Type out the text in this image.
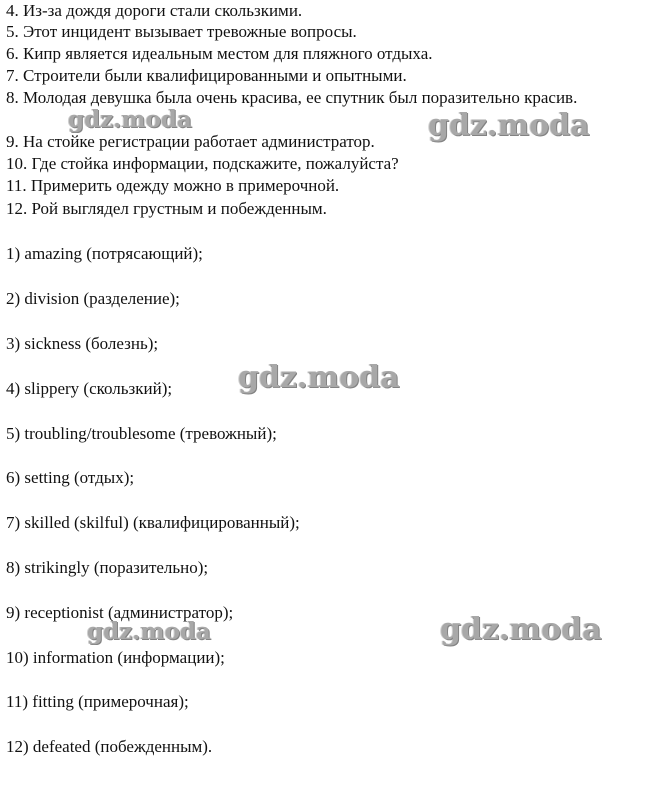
4. Из-за дождя дороги стали скользкими.
5. Этот инцидент вызывает тревожные вопросы.
6. Кипр является идеальным местом для пляжного отдыха.
7. Строители были квалифицированными и опытными.
8. Молодая девушка была очень красива, ее спутник был поразительно красив.
9. На стойке регистрации работает администратор.
10. Где стойка информации, подскажите, пожалуйста?
11. Примерить одежду можно в примерочной.
12. Рой выглядел грустным и побежденным.
1) amazing (потрясающий);
2) division (разделение);
3) sickness (болезнь);
4) slippery (скользкий);
5) troubling/troublesome (тревожный);
6) setting (отдых);
7) skilled (skilful) (квалифицированный);
8) strikingly (поразительно);
9) receptionist (администратор);
10) information (информации);
11) fitting (примерочная);
12) defeated (побежденным).
gdz.moda	gdz.moda
gdz.moda
gdz.moda	gdz.moda
